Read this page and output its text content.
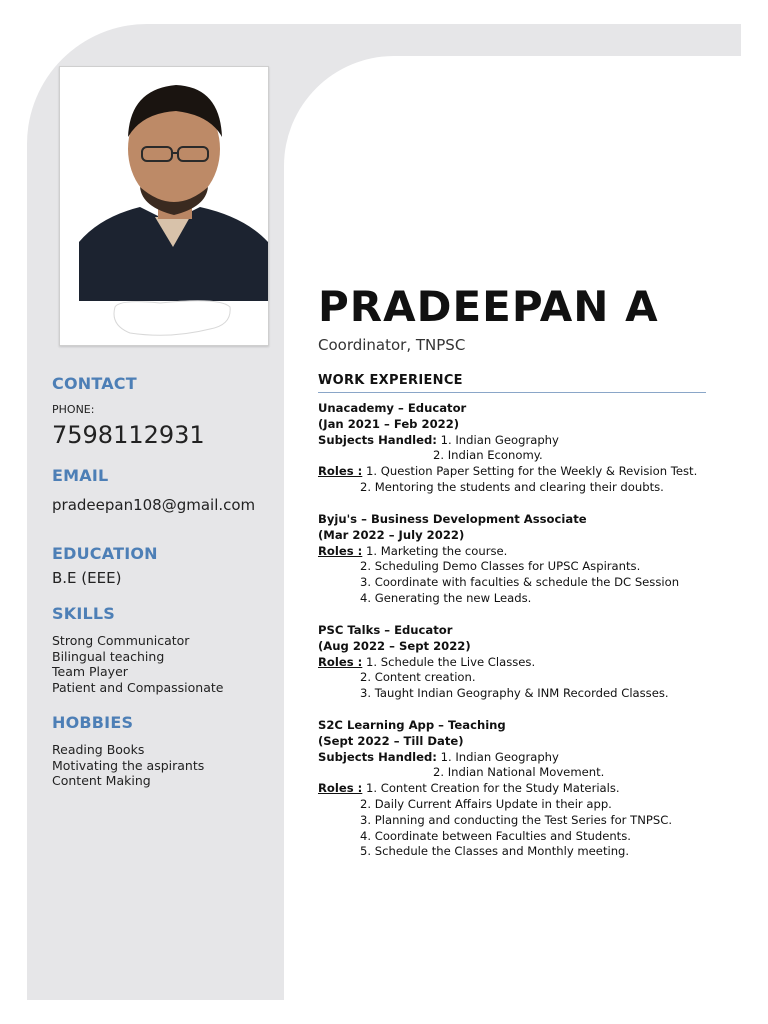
CONTACT
PHONE:
7598112931
EMAIL
pradeepan108@gmail.com
EDUCATION
B.E (EEE)
SKILLS
Strong Communicator
Bilingual teaching
Team Player
Patient and Compassionate
HOBBIES
Reading Books
Motivating the aspirants
Content Making
PRADEEPAN A
Coordinator, TNPSC
WORK EXPERIENCE
Unacademy – Educator
(Jan 2021 – Feb 2022)
Subjects Handled: 1. Indian Geography
2. Indian Economy.
Roles : 1. Question Paper Setting for the Weekly & Revision Test.
2. Mentoring the students and clearing their doubts.
Byju's – Business Development Associate
(Mar 2022 – July 2022)
Roles : 1. Marketing the course.
2. Scheduling Demo Classes for UPSC Aspirants.
3. Coordinate with faculties & schedule the DC Session
4. Generating the new Leads.
PSC Talks – Educator
(Aug 2022 – Sept 2022)
Roles : 1. Schedule the Live Classes.
2. Content creation.
3. Taught Indian Geography & INM Recorded Classes.
S2C Learning App – Teaching
(Sept 2022 – Till Date)
Subjects Handled: 1. Indian Geography
2. Indian National Movement.
Roles : 1. Content Creation for the Study Materials.
2. Daily Current Affairs Update in their app.
3. Planning and conducting the Test Series for TNPSC.
4. Coordinate between Faculties and Students.
5. Schedule the Classes and Monthly meeting.
